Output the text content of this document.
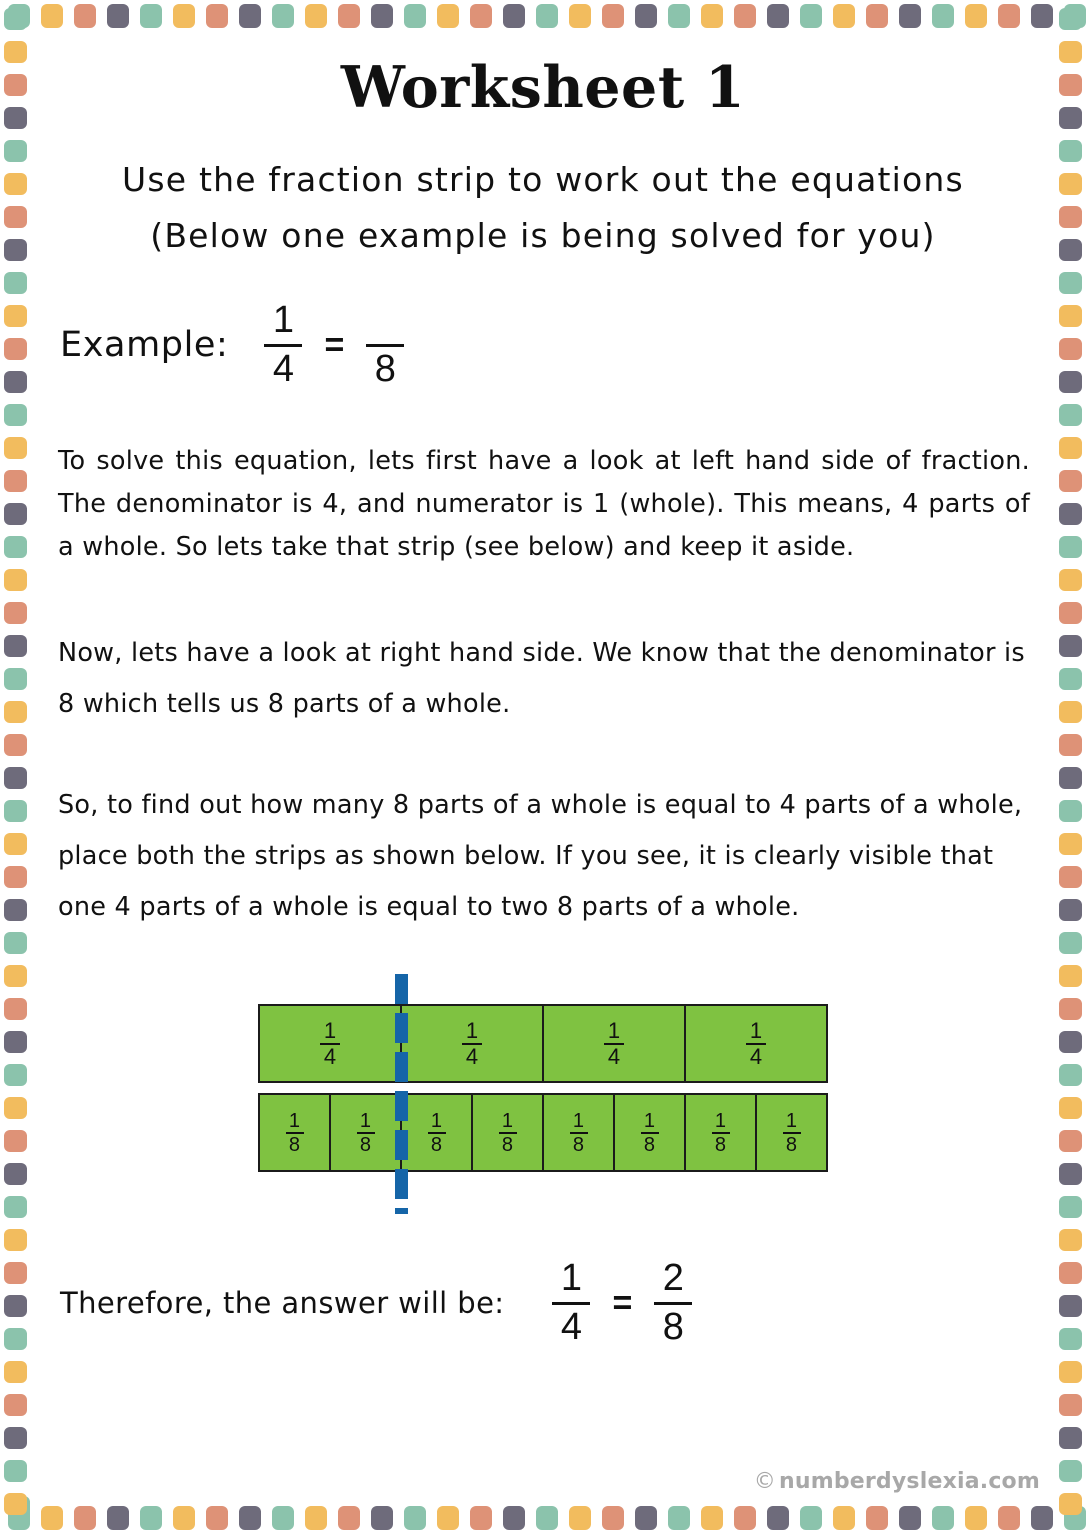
Worksheet 1
Use the fraction strip to work out the equations
(Below one example is being solved for you)
Example: $\frac{1}{4}$ =
8
To solve this equation, lets first have a look at left hand side of fraction. The denominator is 4, and numerator is 1 (whole). This means, 4 parts of a whole. So lets take that strip (see below) and keep it aside.
Now, lets have a look at right hand side. We know that the denominator is 8 which tells us 8 parts of a whole.
So, to find out how many 8 parts of a whole is equal to 4 parts of a whole, place both the strips as shown below. If you see, it is clearly visible that one 4 parts of a whole is equal to two 8 parts of a whole.
$\frac{1}{4}$	$\frac{1}{4}$	$\frac{1}{4}$	$\frac{1}{4}$
$\frac{1}{8}$	$\frac{1}{8}$	$\frac{1}{8}$	$\frac{1}{8}$	$\frac{1}{8}$	$\frac{1}{8}$	$\frac{1}{8}$	$\frac{1}{8}$
Therefore, the answer will be: $\frac{1}{4} = \frac{2}{8}$
© numberdyslexia.com
